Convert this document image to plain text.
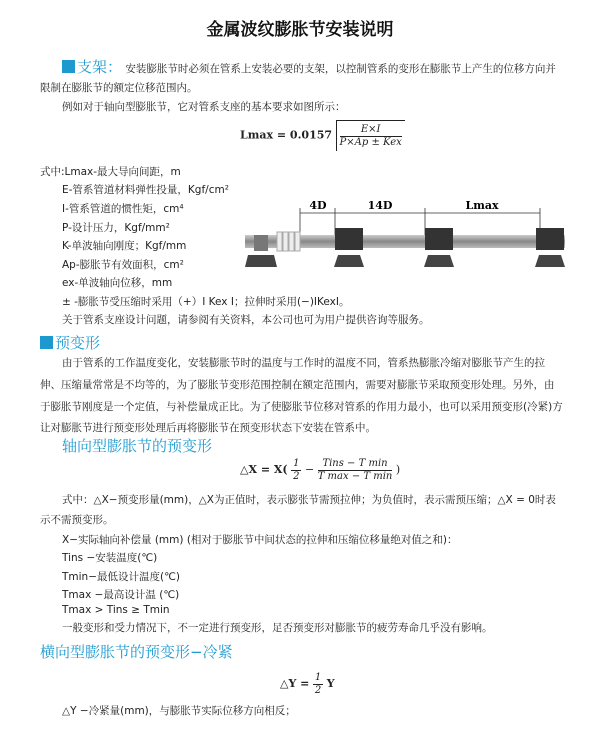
金属波纹膨胀节安装说明
支架： 安装膨胀节时必须在管系上安装必要的支架，以控制管系的变形在膨胀节上产生的位移方向并
限制在膨胀节的额定位移范围内。
例如对于轴向型膨胀节，它对管系支座的基本要求如图所示：
$Lmax = 0.0157 \frac{E\times I}{\text{P×Ap ± Kex}}$
式中:Lmax-最大导向间距，m
E-管系管道材料弹性投量，Kgf/cm²
I-管系管道的惯性矩，cm⁴
P-设计压力，Kgf/mm²
K-单波轴向刚度；Kgf/mm
Ap-膨胀节有效面积，cm²
ex-单波轴向位移，mm
± -膨胀节受压缩时采用（+）I Kex I；拉伸时采用(−)IKexI。
关于管系支座设计问题，请参阅有关资料，本公司也可为用户提供咨询等服务。
4D	14D	Lmax
预变形
由于管系的工作温度变化，安装膨胀节时的温度与工作时的温度不同，管系热膨胀冷缩对膨胀节产生的拉
伸、压缩量常常是不均等的，为了膨胀节变形范围控制在额定范围内，需要对膨胀节采取预变形处理。另外，由
于膨胀节刚度是一个定值，与补偿量成正比。为了使膨胀节位移对管系的作用力最小，也可以采用预变形(冷紧)方
让对膨胀节进行预变形处理后再将膨胀节在预变形状态下安装在管系中。
轴向型膨胀节的预变形
△X = $X( \frac{1}{2} - \frac{\text{Tins − T min}}{\text{T max − T min}}$ )
式中：△X−预变形量(mm)，△X为正值时，表示膨张节需预拉伸；为负值时，表示需预压缩；△X = 0时表
示不需预变形。
X−实际轴向补偿量 (mm) (相对于膨胀节中间状态的拉伸和压缩位移量绝对值之和)：
Tins −安装温度(℃)
Tmin−最低设计温度(℃)
Tmax −最高设计温 (℃)
Tmax > Tins ≥ Tmin
一般变形和受力情况下，不一定进行预变形，足否预变形对膨胀节的疲劳寿命几乎没有影响。
横向型膨胀节的预变形−冷紧
△Y = $\frac{1}{2}$ Y
△Y −冷紧量(mm)，与膨胀节实际位移方向相反；
